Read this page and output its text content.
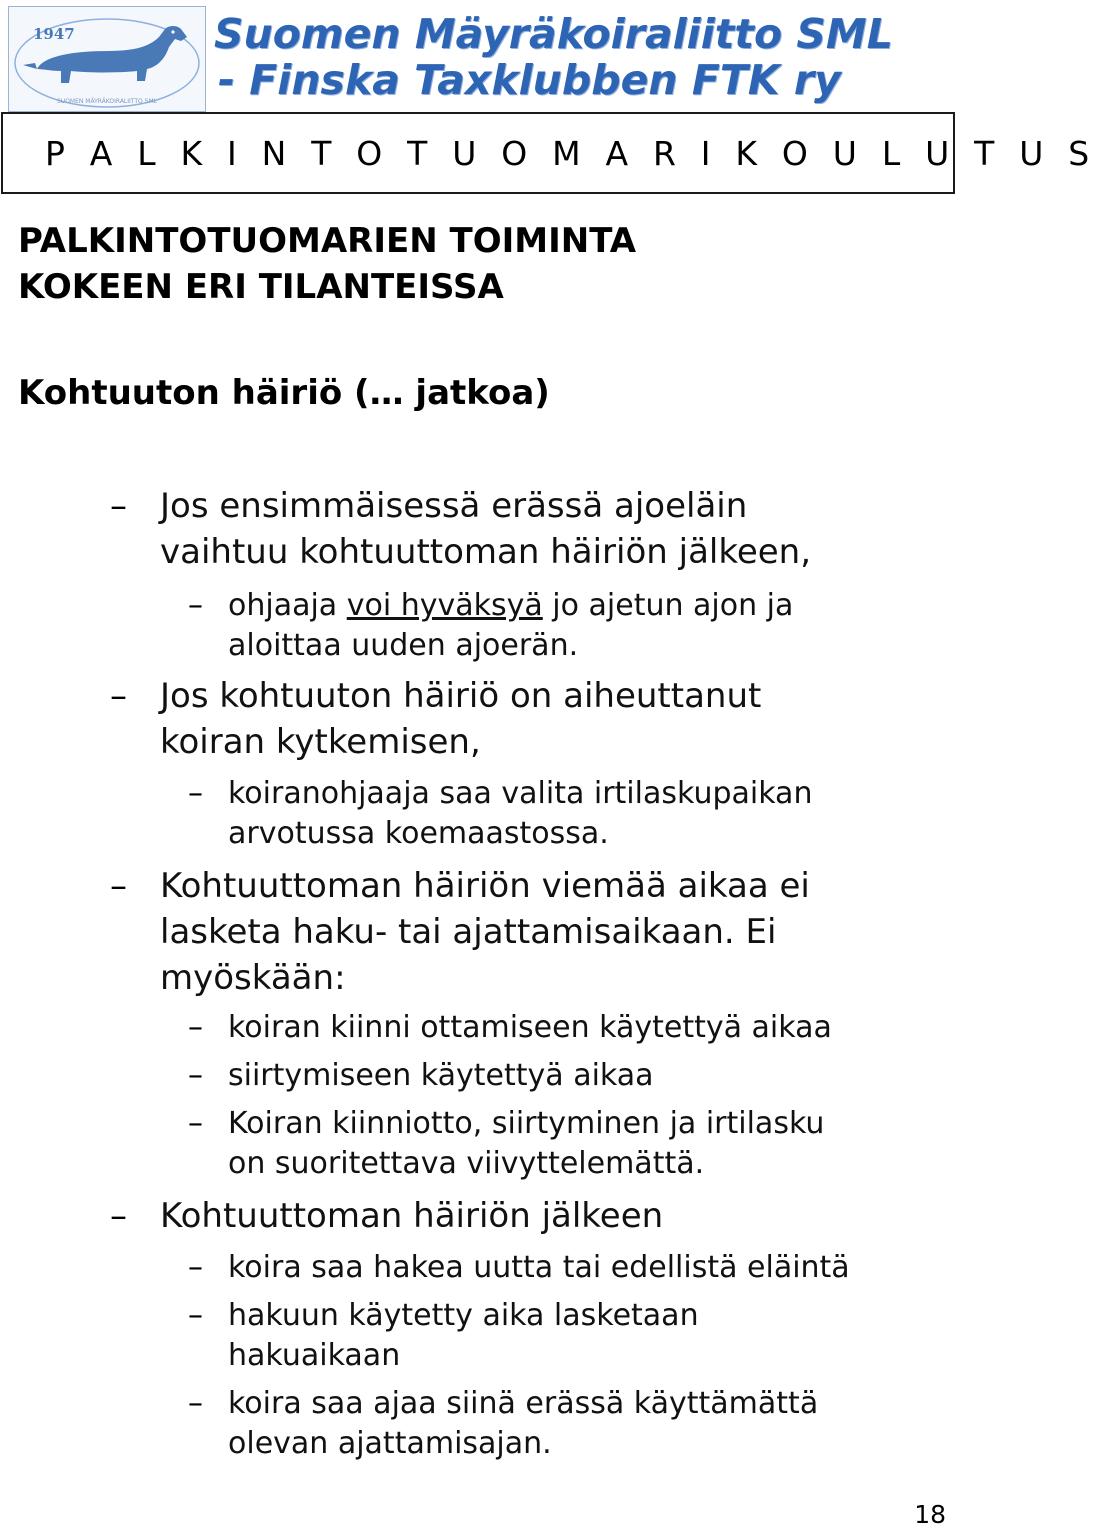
1947
SUOMEN MÄYRÄKOIRALIITTO SML
Suomen Mäyräkoiraliitto SML
- Finska Taxklubben FTK ry
P A L K I N T O T U O M A R I K O U L U T U S
PALKINTOTUOMARIEN TOIMINTA
KOKEEN ERI TILANTEISSA
Kohtuuton häiriö (… jatkoa)
– Jos ensimmäisessä erässä ajoeläin
vaihtuu kohtuuttoman häiriön jälkeen,
– ohjaaja voi hyväksyä jo ajetun ajon ja
aloittaa uuden ajoerän.
– Jos kohtuuton häiriö on aiheuttanut
koiran kytkemisen,
– koiranohjaaja saa valita irtilaskupaikan
arvotussa koemaastossa.
– Kohtuuttoman häiriön viemää aikaa ei
lasketa haku- tai ajattamisaikaan. Ei
myöskään:
– koiran kiinni ottamiseen käytettyä aikaa
– siirtymiseen käytettyä aikaa
– Koiran kiinniotto, siirtyminen ja irtilasku
on suoritettava viivyttelemättä.
– Kohtuuttoman häiriön jälkeen
– koira saa hakea uutta tai edellistä eläintä
– hakuun käytetty aika lasketaan
hakuaikaan
– koira saa ajaa siinä erässä käyttämättä
olevan ajattamisajan.
18
